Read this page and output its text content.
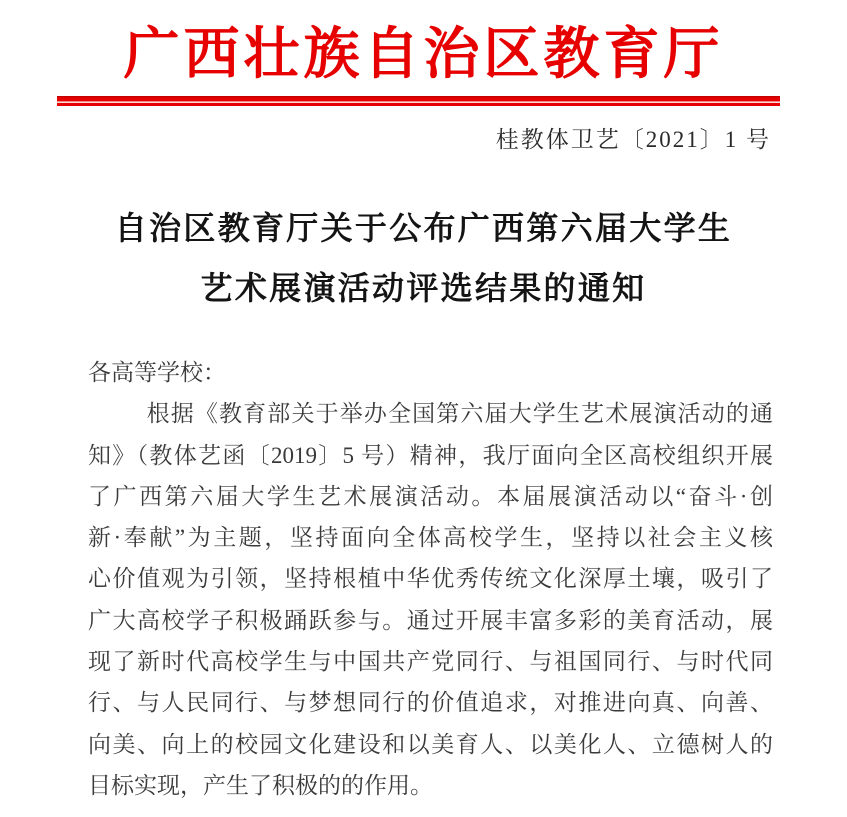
广西壮族自治区教育厅
桂教体卫艺〔2021〕1 号
自治区教育厅关于公布广西第六届大学生
艺术展演活动评选结果的通知

各高等学校：

根据《教育部关于举办全国第六届大学生艺术展演活动的通
知》（教体艺函〔2019〕5 号）精神，我厅面向全区高校组织开展
了广西第六届大学生艺术展演活动。本届展演活动以“奋斗·创
新·奉献”为主题，坚持面向全体高校学生，坚持以社会主义核
心价值观为引领，坚持根植中华优秀传统文化深厚土壤，吸引了
广大高校学子积极踊跃参与。通过开展丰富多彩的美育活动，展
现了新时代高校学生与中国共产党同行、与祖国同行、与时代同
行、与人民同行、与梦想同行的价值追求，对推进向真、向善、
向美、向上的校园文化建设和以美育人、以美化人、立德树人的
目标实现，产生了积极的的作用。
